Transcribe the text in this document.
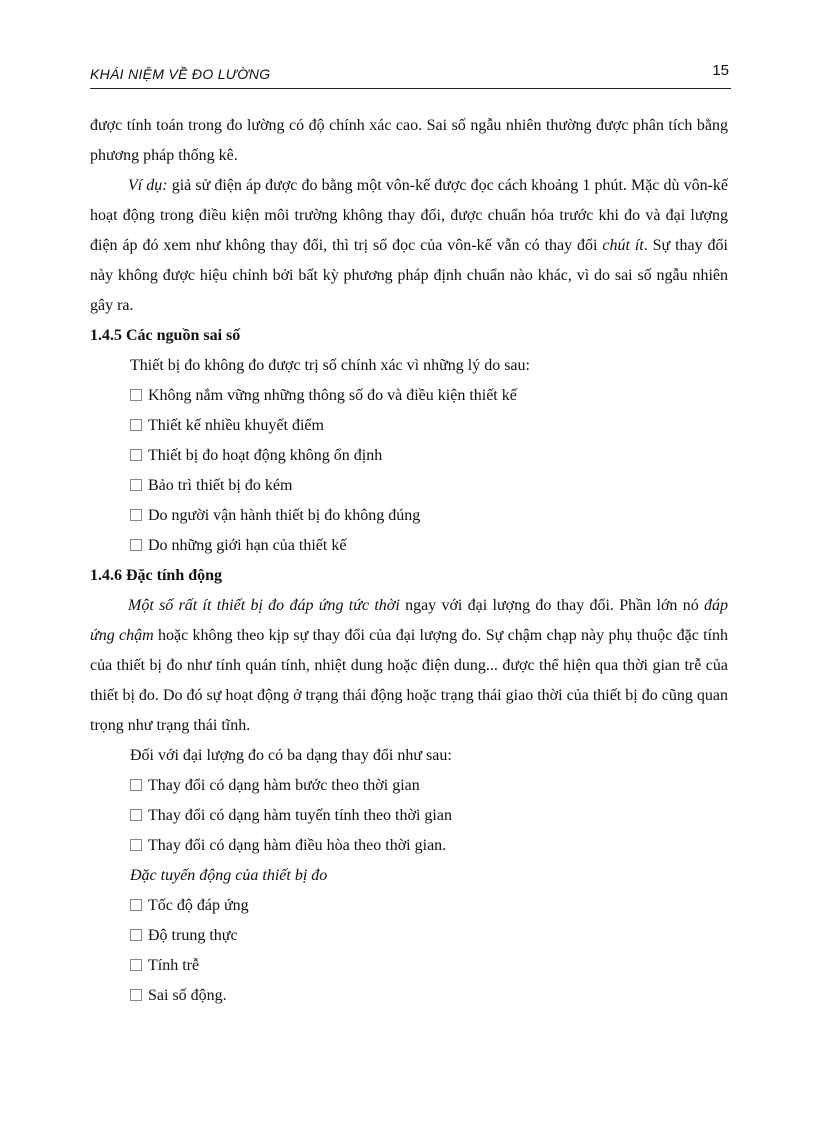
KHÁI NIỆM VỀ ĐO LƯỜNG	15

được tính toán trong đo lường có độ chính xác cao. Sai số ngẫu nhiên thường được phân tích bằng phương pháp thống kê.

Ví dụ: giả sử điện áp được đo bằng một vôn-kế được đọc cách khoảng 1 phút. Mặc dù vôn-kế hoạt động trong điều kiện môi trường không thay đổi, được chuẩn hóa trước khi đo và đại lượng điện áp đó xem như không thay đổi, thì trị số đọc của vôn-kế vẫn có thay đổi chút ít. Sự thay đổi này không được hiệu chỉnh bởi bất kỳ phương pháp định chuẩn nào khác, vì do sai số ngẫu nhiên gây ra.

1.4.5 Các nguồn sai số

Thiết bị đo không đo được trị số chính xác vì những lý do sau:

Không nắm vững những thông số đo và điều kiện thiết kế

Thiết kế nhiều khuyết điểm

Thiết bị đo hoạt động không ổn định

Bảo trì thiết bị đo kém

Do người vận hành thiết bị đo không đúng

Do những giới hạn của thiết kế

1.4.6 Đặc tính động

Một số rất ít thiết bị đo đáp ứng tức thời ngay với đại lượng đo thay đổi. Phần lớn nó đáp ứng chậm hoặc không theo kịp sự thay đổi của đại lượng đo. Sự chậm chạp này phụ thuộc đặc tính của thiết bị đo như tính quán tính, nhiệt dung hoặc điện dung... được thể hiện qua thời gian trễ của thiết bị đo. Do đó sự hoạt động ở trạng thái động hoặc trạng thái giao thời của thiết bị đo cũng quan trọng như trạng thái tĩnh.

Đối với đại lượng đo có ba dạng thay đổi như sau:

Thay đổi có dạng hàm bước theo thời gian

Thay đổi có dạng hàm tuyến tính theo thời gian

Thay đổi có dạng hàm điều hòa theo thời gian.

Đặc tuyến động của thiết bị đo

Tốc độ đáp ứng

Độ trung thực

Tính trễ

Sai số động.
